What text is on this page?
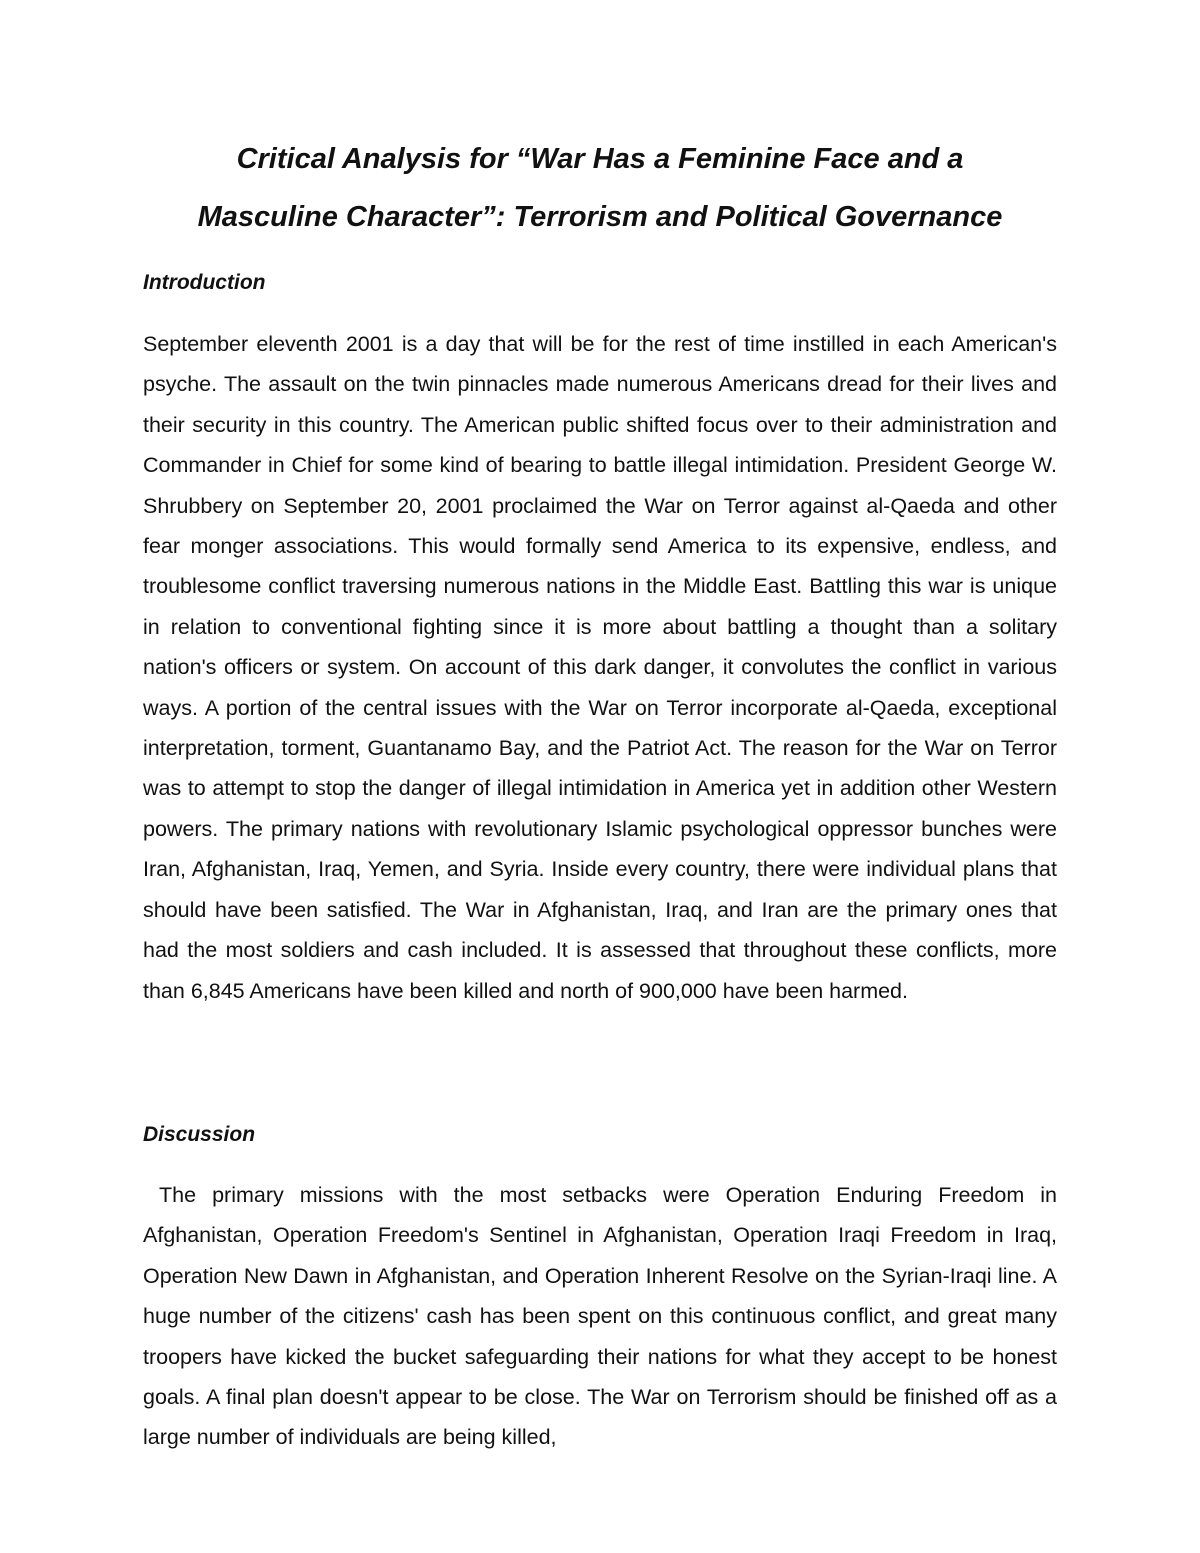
Critical Analysis for “War Has a Feminine Face and a
Masculine Character”: Terrorism and Political Governance
Introduction

September eleventh 2001 is a day that will be for the rest of time instilled in each American's psyche. The assault on the twin pinnacles made numerous Americans dread for their lives and their security in this country. The American public shifted focus over to their administration and Commander in Chief for some kind of bearing to battle illegal intimidation. President George W. Shrubbery on September 20, 2001 proclaimed the War on Terror against al-Qaeda and other fear monger associations. This would formally send America to its expensive, endless, and troublesome conflict traversing numerous nations in the Middle East. Battling this war is unique in relation to conventional fighting since it is more about battling a thought than a solitary nation's officers or system. On account of this dark danger, it convolutes the conflict in various ways. A portion of the central issues with the War on Terror incorporate al-Qaeda, exceptional interpretation, torment, Guantanamo Bay, and the Patriot Act. The reason for the War on Terror was to attempt to stop the danger of illegal intimidation in America yet in addition other Western powers. The primary nations with revolutionary Islamic psychological oppressor bunches were Iran, Afghanistan, Iraq, Yemen, and Syria. Inside every country, there were individual plans that should have been satisfied. The War in Afghanistan, Iraq, and Iran are the primary ones that had the most soldiers and cash included. It is assessed that throughout these conflicts, more than 6,845 Americans have been killed and north of 900,000 have been harmed.

Discussion

The primary missions with the most setbacks were Operation Enduring Freedom in Afghanistan, Operation Freedom's Sentinel in Afghanistan, Operation Iraqi Freedom in Iraq, Operation New Dawn in Afghanistan, and Operation Inherent Resolve on the Syrian-Iraqi line. A huge number of the citizens' cash has been spent on this continuous conflict, and great many troopers have kicked the bucket safeguarding their nations for what they accept to be honest goals. A final plan doesn't appear to be close. The War on Terrorism should be finished off as a large number of individuals are being killed,
